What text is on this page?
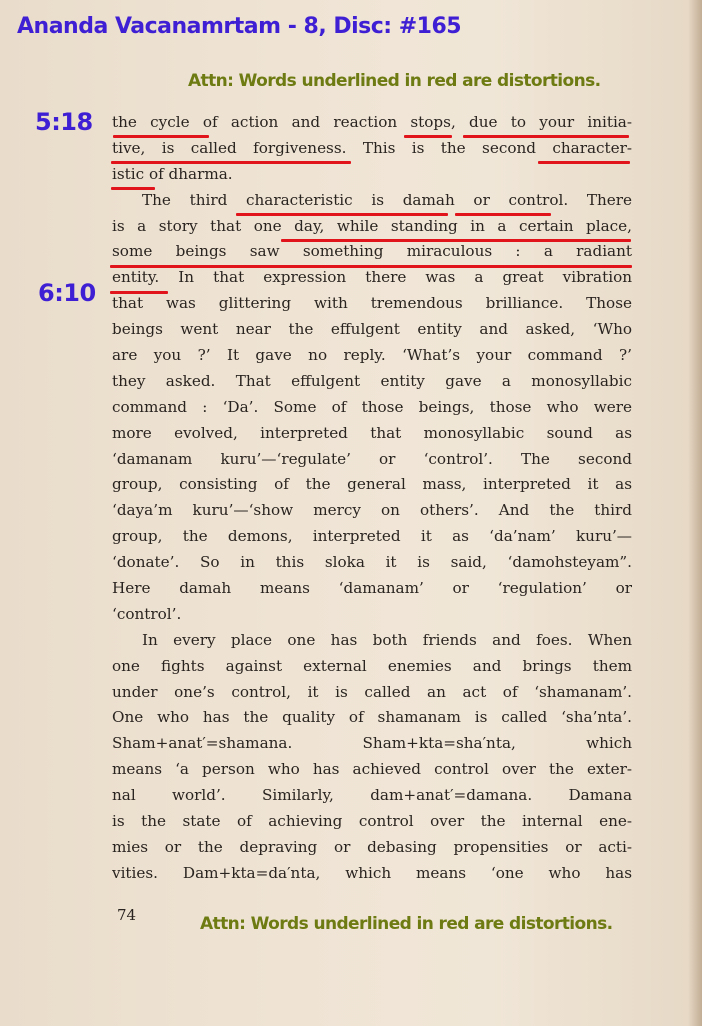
Ananda Vacanamrtam - 8, Disc: #165
Attn: Words underlined in red are distortions.
5:18
6:10
the cycle of action and reaction stops, due to your initia-
tive, is called forgiveness. This is the second character-
istic of dharma.
The third characteristic is damah or control. There
is a story that one day, while standing in a certain place,
some beings saw something miraculous : a radiant
entity. In that expression there was a great vibration
that was glittering with tremendous brilliance. Those
beings went near the effulgent entity and asked, ‘Who
are you ?’ It gave no reply. ‘What’s your command ?’
they asked. That effulgent entity gave a monosyllabic
command : ‘Da’. Some of those beings, those who were
more evolved, interpreted that monosyllabic sound as
‘damanam kuru’—‘regulate’ or ‘control’. The second
group, consisting of the general mass, interpreted it as
‘daya’m kuru’—‘show mercy on others’. And the third
group, the demons, interpreted it as ‘da’nam’ kuru’—
‘donate’. So in this sloka it is said, ‘damohsteyam”.
Here damah means ‘damanam’ or ‘regulation’ or
‘control’.
In every place one has both friends and foes. When
one fights against external enemies and brings them
under one’s control, it is called an act of ‘shamanam’.
One who has the quality of shamanam is called ‘sha’nta’.
Sham+anat′=shamana. Sham+kta=sha′nta, which
means ‘a person who has achieved control over the exter-
nal world’. Similarly, dam+anat′=damana. Damana
is the state of achieving control over the internal ene-
mies or the depraving or debasing propensities or acti-
vities. Dam+kta=da′nta, which means ‘one who has
74	Attn: Words underlined in red are distortions.
